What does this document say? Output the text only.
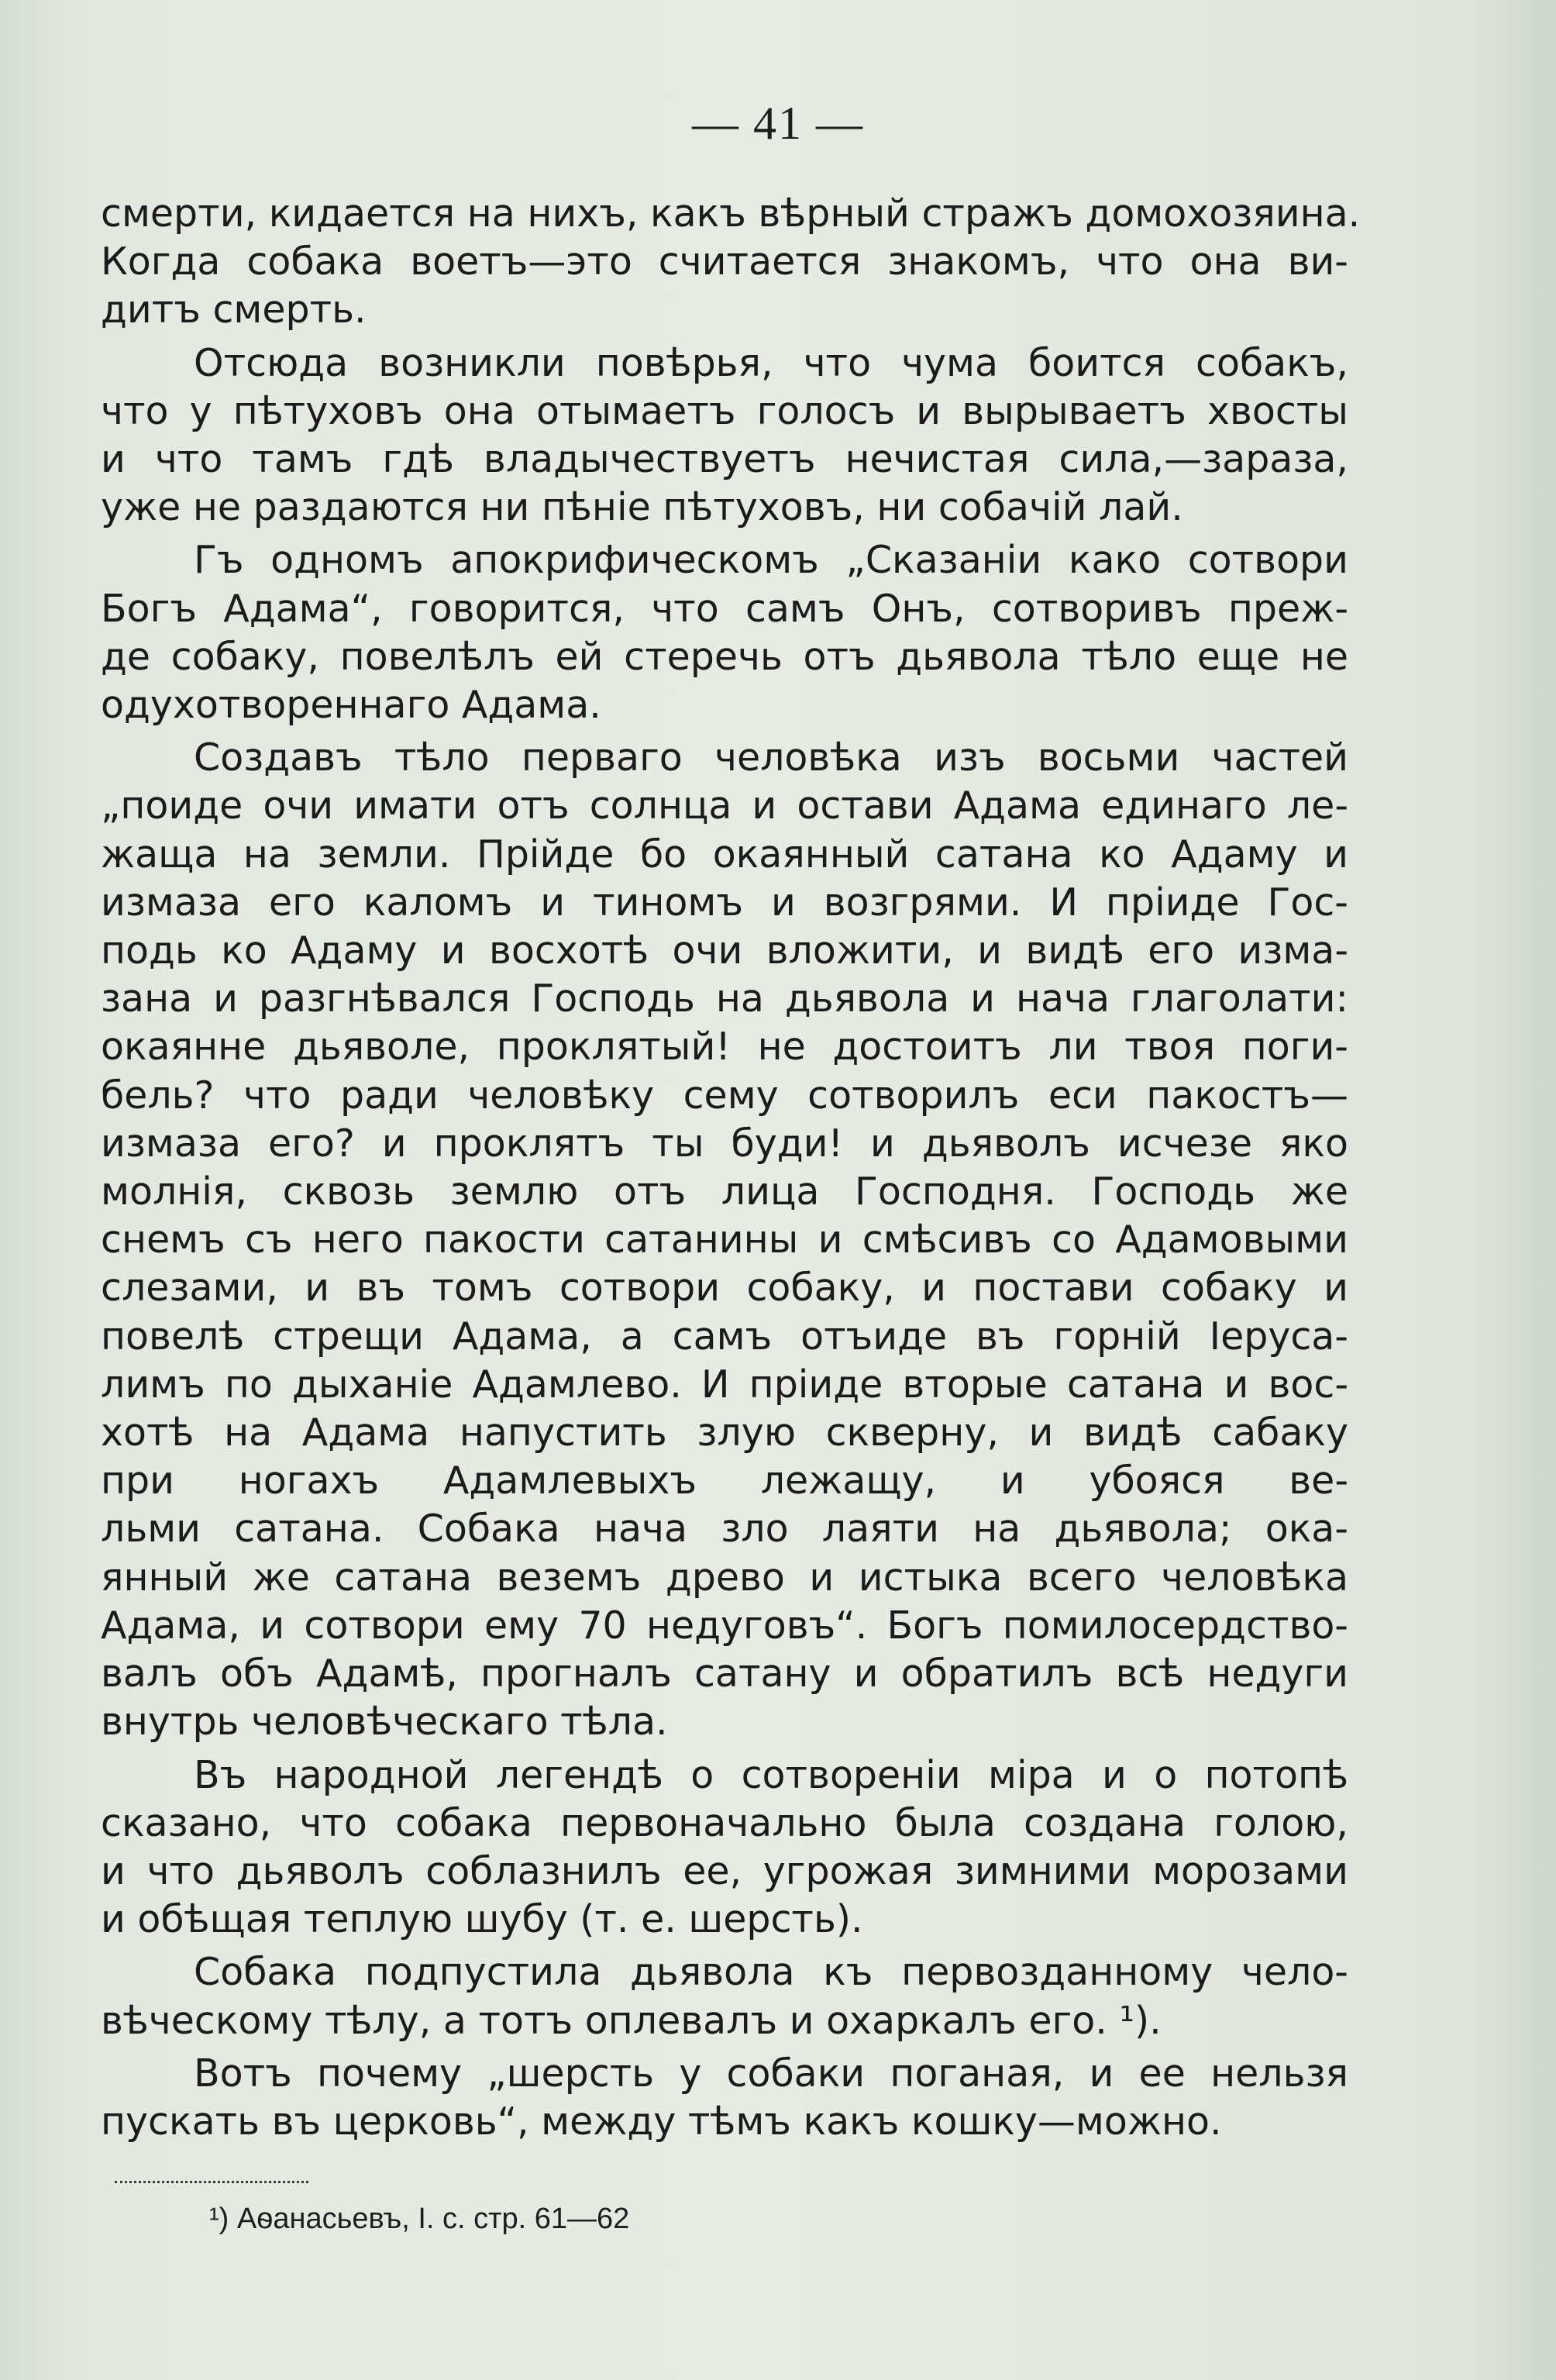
— 41 —
смерти, кидается на нихъ, какъ вѣрный стражъ домохозяина.
Когда собака воетъ—это считается знакомъ, что она ви-
дитъ смерть.
Отсюда возникли повѣрья, что чума боится собакъ,
что у пѣтуховъ она отымаетъ голосъ и вырываетъ хвосты
и что тамъ гдѣ владычествуетъ нечистая сила,—зараза,
уже не раздаются ни пѣніе пѣтуховъ, ни собачій лай.
Гъ одномъ апокрифическомъ „Сказаніи како сотвори
Богъ Адама“, говорится, что самъ Онъ, сотворивъ преж-
де собаку, повелѣлъ ей стеречь отъ дьявола тѣло еще не
одухотвореннаго Адама.
Создавъ тѣло перваго человѣка изъ восьми частей
„поиде очи имати отъ солнца и остави Адама единаго ле-
жаща на земли. Прійде бо окаянный сатана ко Адаму и
измаза его каломъ и тиномъ и возгрями. И пріиде Гос-
подь ко Адаму и восхотѣ очи вложити, и видѣ его изма-
зана и разгнѣвался Господь на дьявола и нача глаголати:
окаянне дьяволе, проклятый! не достоитъ ли твоя поги-
бель? что ради человѣку сему сотворилъ еси пакостъ—
измаза его? и проклятъ ты буди! и дьяволъ исчезе яко
молнія, сквозь землю отъ лица Господня. Господь же
снемъ съ него пакости сатанины и смѣсивъ со Адамовыми
слезами, и въ томъ сотвори собаку, и постави собаку и
повелѣ стрещи Адама, а самъ отъиде въ горній Іеруса-
лимъ по дыханіе Адамлево. И пріиде вторые сатана и вос-
хотѣ на Адама напустить злую скверну, и видѣ сабаку
при ногахъ Адамлевыхъ лежащу, и убояся ве-
льми сатана. Собака нача зло лаяти на дьявола; ока-
янный же сатана веземъ древо и истыка всего человѣка
Адама, и сотвори ему 70 недуговъ“. Богъ помилосердство-
валъ объ Адамѣ, прогналъ сатану и обратилъ всѣ недуги
внутрь человѣческаго тѣла.
Въ народной легендѣ о сотвореніи міра и о потопѣ
сказано, что собака первоначально была создана голою,
и что дьяволъ соблазнилъ ее, угрожая зимними морозами
и обѣщая теплую шубу (т. е. шерсть).
Собака подпустила дьявола къ первозданному чело-
вѣческому тѣлу, а тотъ оплевалъ и охаркалъ его. ¹).
Вотъ почему „шерсть у собаки поганая, и ее нельзя
пускать въ церковь“, между тѣмъ какъ кошку—можно.
¹) Аѳанасьевъ, I. с. стр. 61—62
